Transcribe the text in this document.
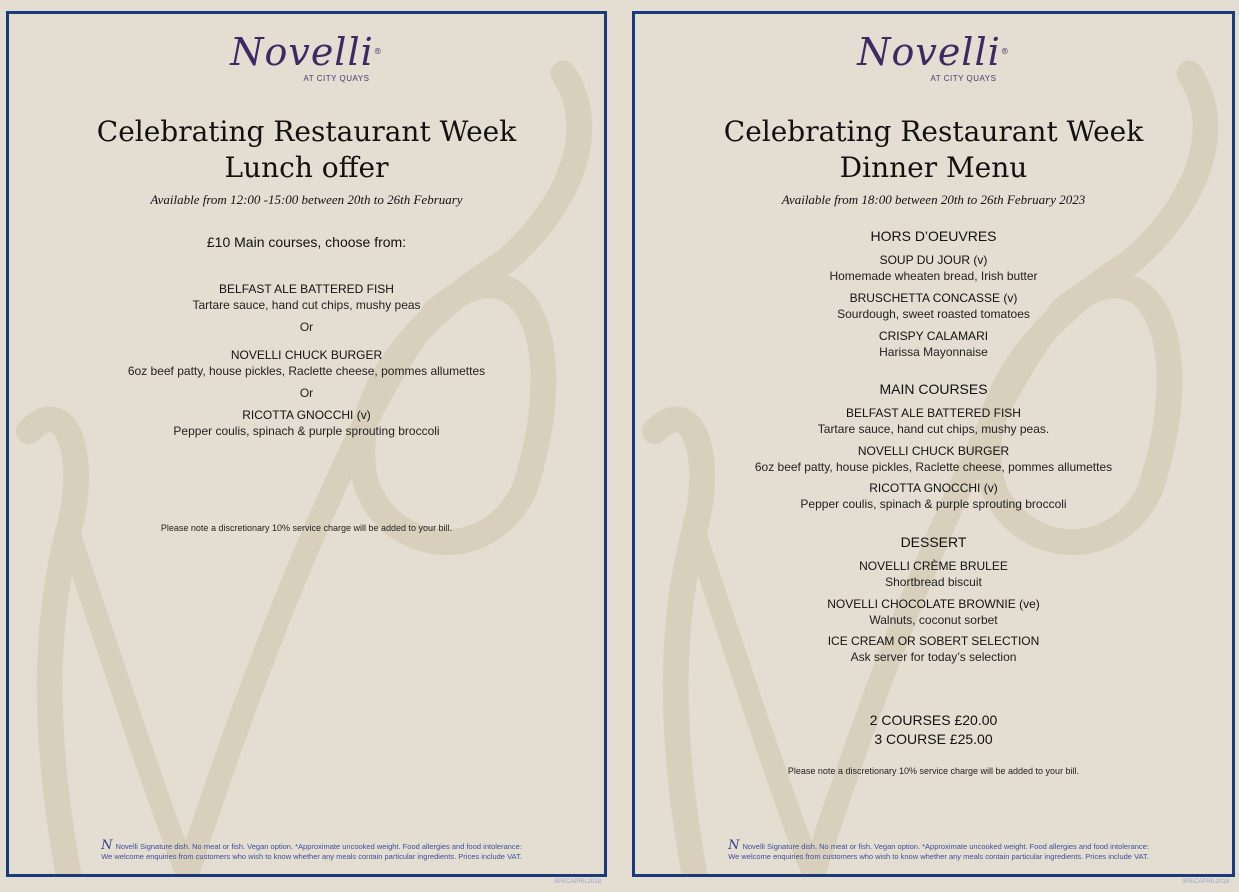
Novelli®
AT CITY QUAYS
Celebrating Restaurant Week
Lunch offer
Available from 12:00 -15:00 between 20th to 26th February
£10 Main courses, choose from:
BELFAST ALE BATTERED FISH
Tartare sauce, hand cut chips, mushy peas
Or
NOVELLI CHUCK BURGER
6oz beef patty, house pickles, Raclette cheese, pommes allumettes
Or
RICOTTA GNOCCHI (v)
Pepper coulis, spinach & purple sprouting broccoli
Please note a discretionary 10% service charge will be added to your bill.
N Novelli Signature dish. No meat or fish. Vegan option. *Approximate uncooked weight. Food allergies and food intolerance:
We welcome enquiries from customers who wish to know whether any meals contain particular ingredients. Prices include VAT.
SPECAPRIL2018
Novelli®
AT CITY QUAYS
Celebrating Restaurant Week
Dinner Menu
Available from 18:00 between 20th to 26th February 2023
HORS D’OEUVRES
SOUP DU JOUR (v)
Homemade wheaten bread, Irish butter
BRUSCHETTA CONCASSE (v)
Sourdough, sweet roasted tomatoes
CRISPY CALAMARI
Harissa Mayonnaise
MAIN COURSES
BELFAST ALE BATTERED FISH
Tartare sauce, hand cut chips, mushy peas.
NOVELLI CHUCK BURGER
6oz beef patty, house pickles, Raclette cheese, pommes allumettes
RICOTTA GNOCCHI (v)
Pepper coulis, spinach & purple sprouting broccoli
DESSERT
NOVELLI CRÈME BRULEE
Shortbread biscuit
NOVELLI CHOCOLATE BROWNIE (ve)
Walnuts, coconut sorbet
ICE CREAM OR SOBERT SELECTION
Ask server for today’s selection
2 COURSES £20.00
3 COURSE £25.00
Please note a discretionary 10% service charge will be added to your bill.
N Novelli Signature dish. No meat or fish. Vegan option. *Approximate uncooked weight. Food allergies and food intolerance:
We welcome enquiries from customers who wish to know whether any meals contain particular ingredients. Prices include VAT.
SPECAPRIL2018
